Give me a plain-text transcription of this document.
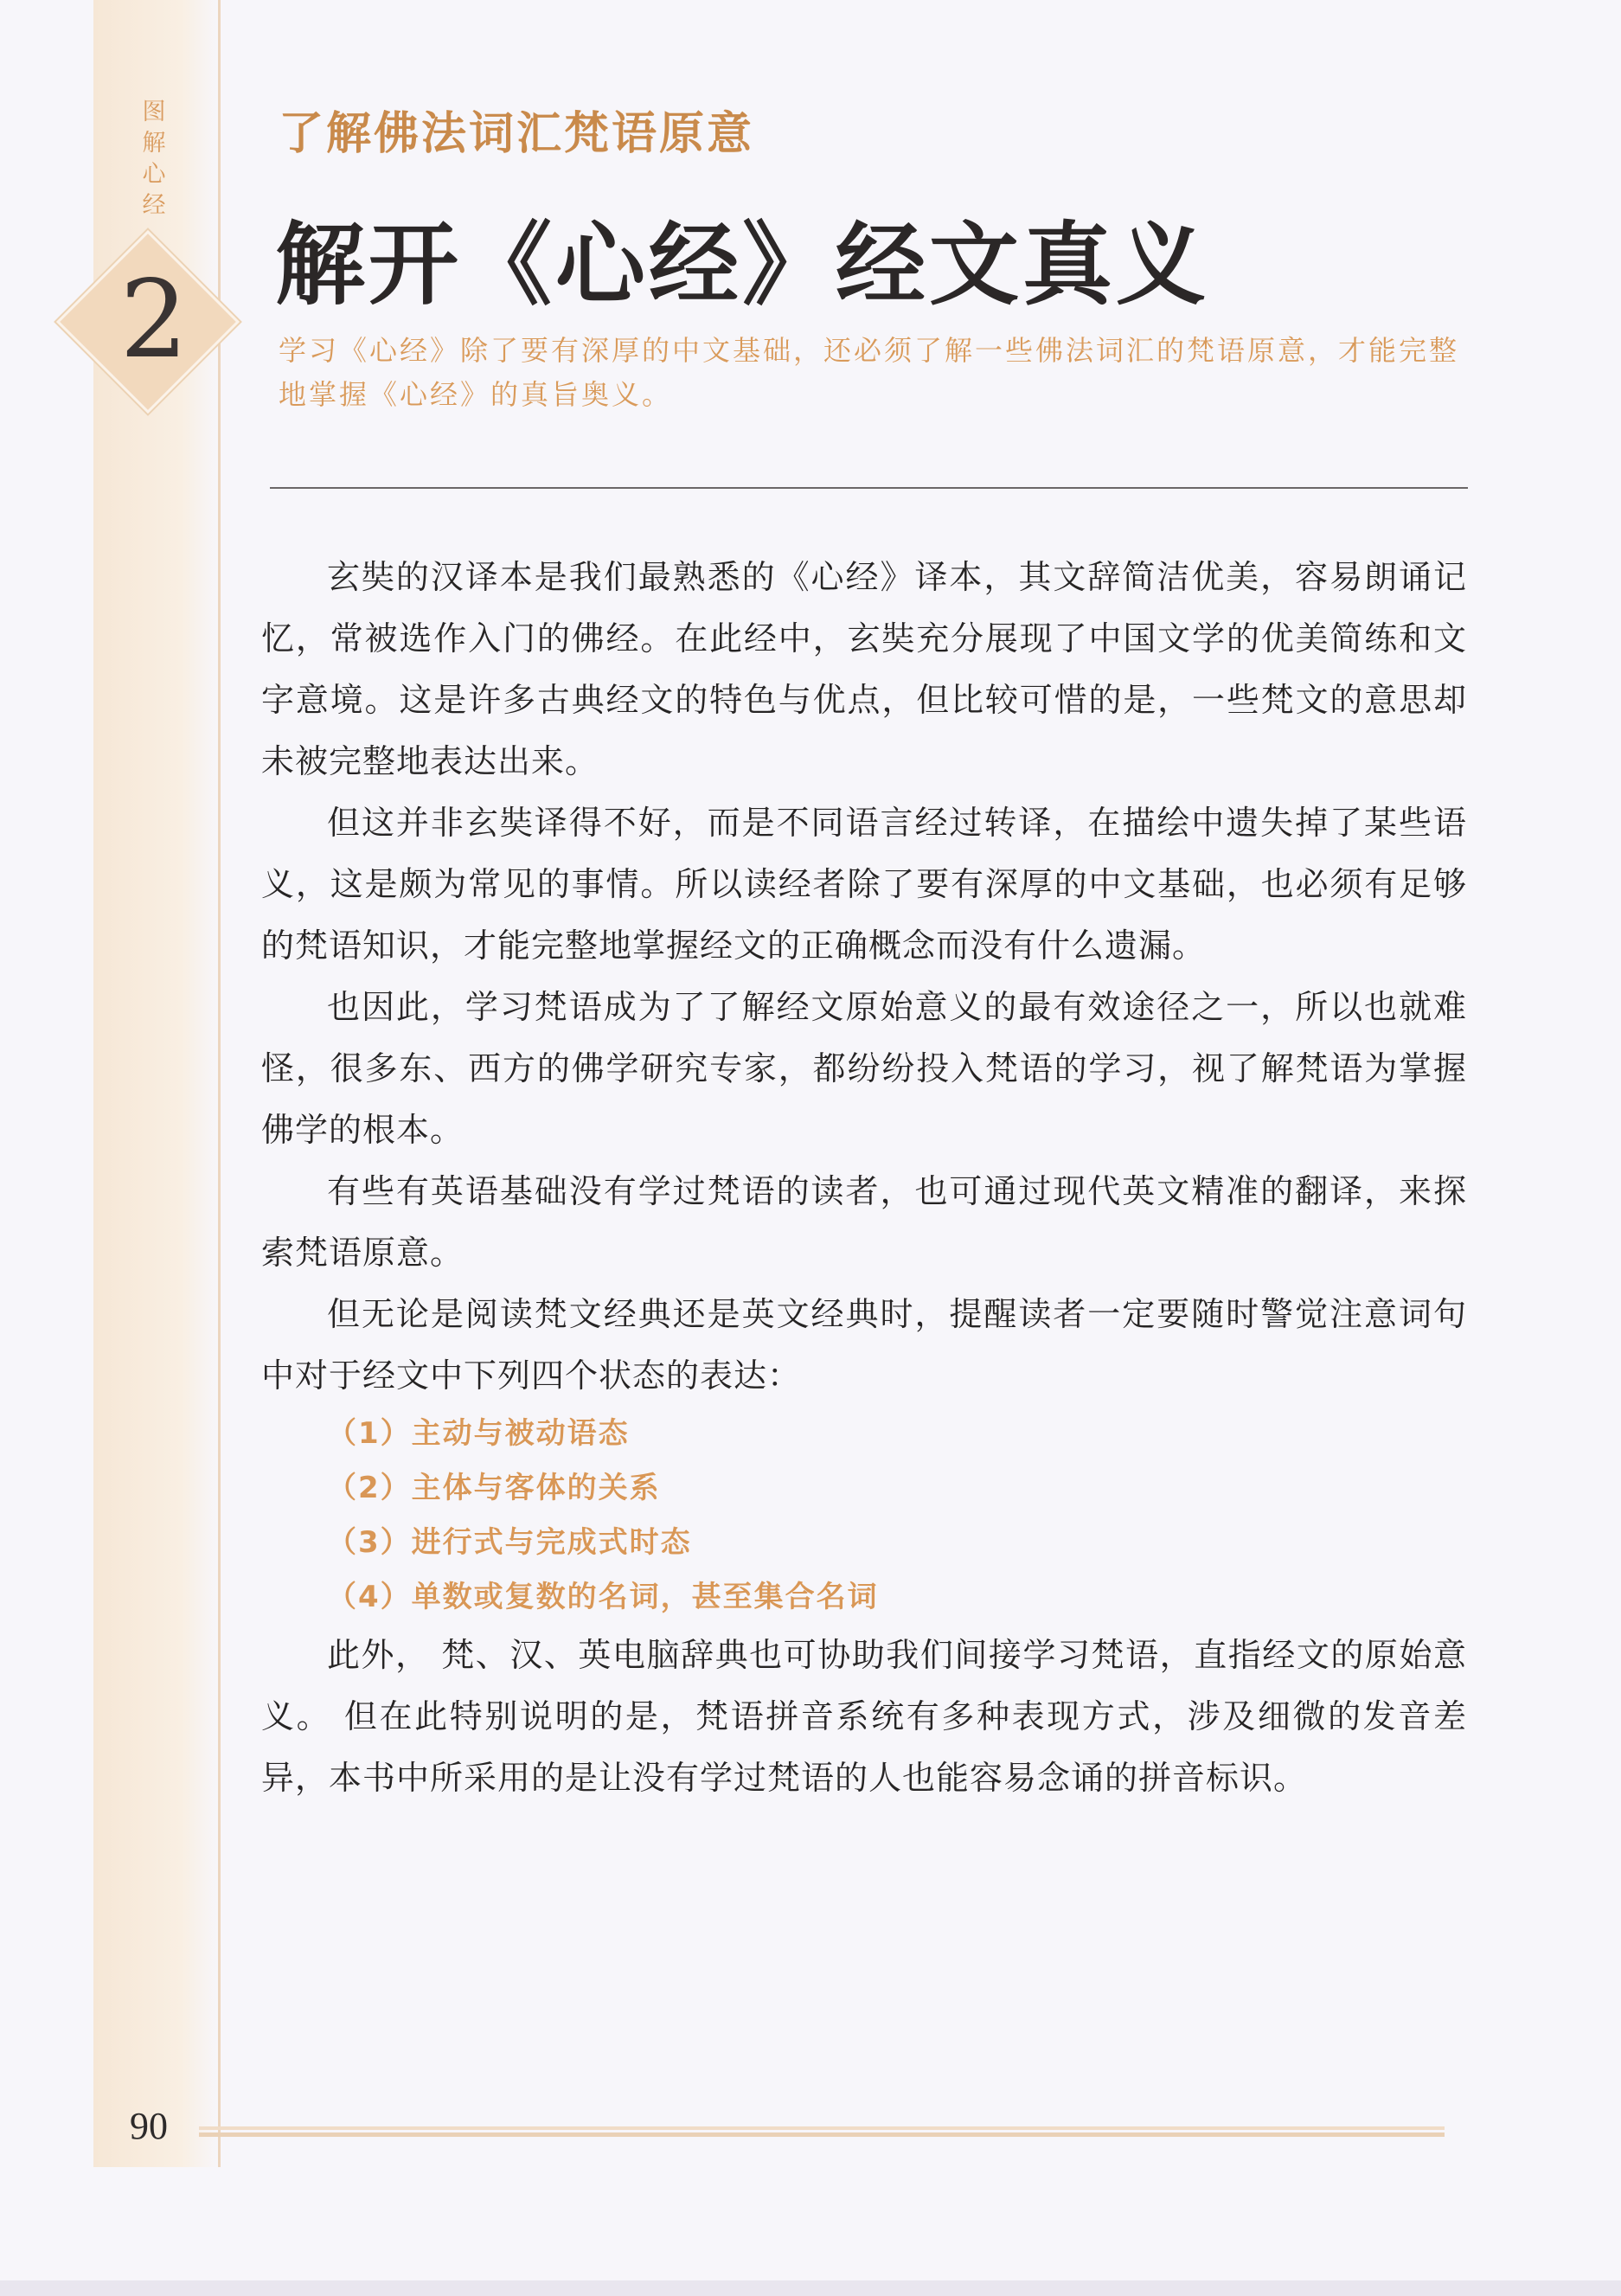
图解心经
2
了解佛法词汇梵语原意
解开《心经》经文真义
学习《心经》除了要有深厚的中文基础，还必须了解一些佛法词汇的梵语原意，才能完整地掌握《心经》的真旨奥义。

玄奘的汉译本是我们最熟悉的《心经》译本，其文辞简洁优美，容易朗诵记忆，常被选作入门的佛经。在此经中，玄奘充分展现了中国文学的优美简练和文字意境。这是许多古典经文的特色与优点，但比较可惜的是，一些梵文的意思却未被完整地表达出来。

但这并非玄奘译得不好，而是不同语言经过转译，在描绘中遗失掉了某些语义，这是颇为常见的事情。所以读经者除了要有深厚的中文基础，也必须有足够的梵语知识，才能完整地掌握经文的正确概念而没有什么遗漏。

也因此，学习梵语成为了了解经文原始意义的最有效途径之一，所以也就难怪，很多东、西方的佛学研究专家，都纷纷投入梵语的学习，视了解梵语为掌握佛学的根本。

有些有英语基础没有学过梵语的读者，也可通过现代英文精准的翻译，来探索梵语原意。

但无论是阅读梵文经典还是英文经典时，提醒读者一定要随时警觉注意词句中对于经文中下列四个状态的表达：

（1）主动与被动语态
（2）主体与客体的关系
（3）进行式与完成式时态
（4）单数或复数的名词，甚至集合名词

此外， 梵、汉、英电脑辞典也可协助我们间接学习梵语，直指经文的原始意义。 但在此特别说明的是，梵语拼音系统有多种表现方式，涉及细微的发音差异，本书中所采用的是让没有学过梵语的人也能容易念诵的拼音标识。

90
